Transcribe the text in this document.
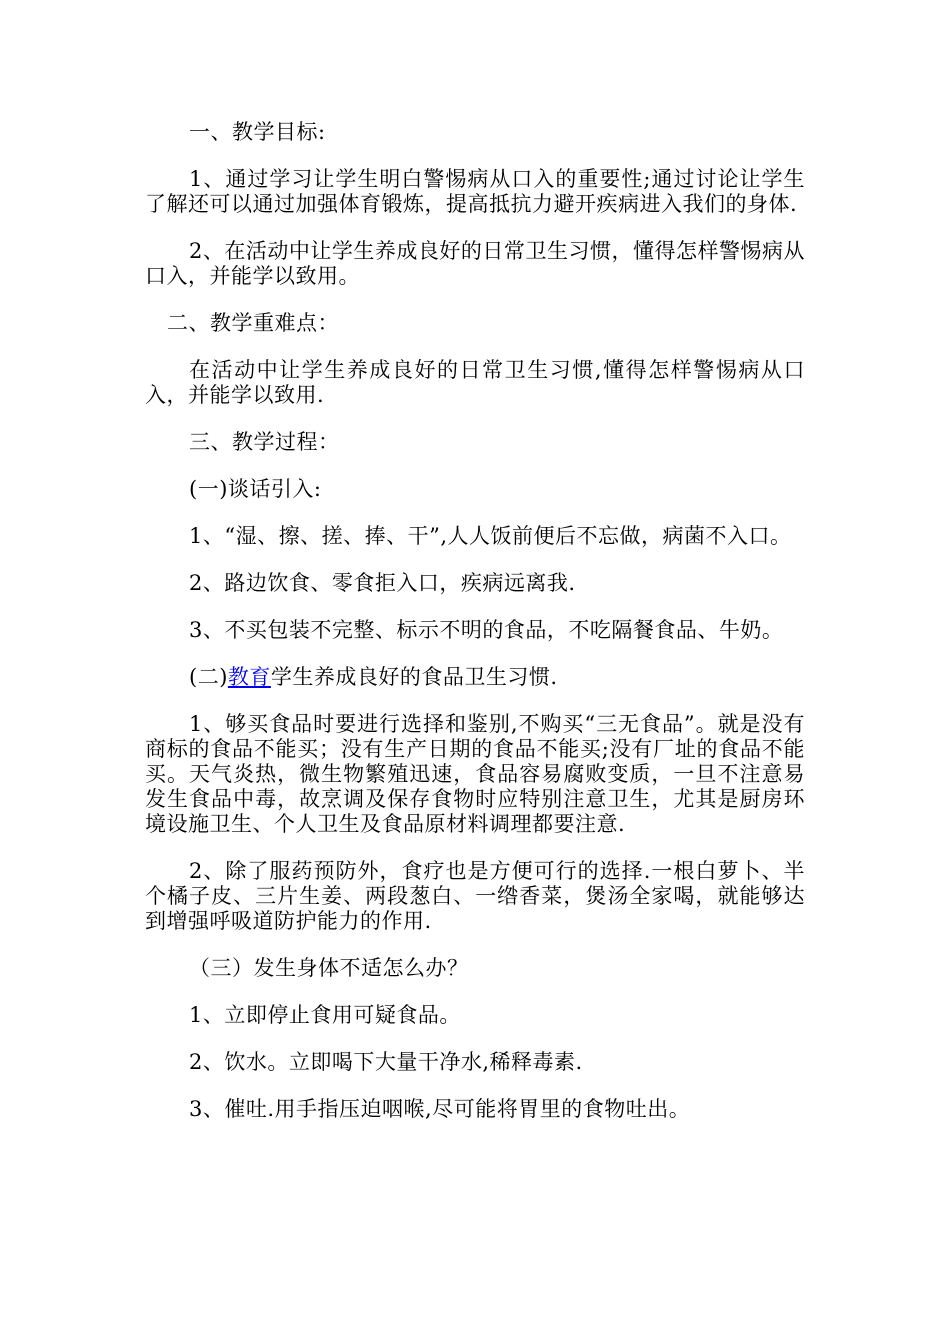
一、教学目标:

1、通过学习让学生明白警惕病从口入的重要性;通过讨论让学生了解还可以通过加强体育锻炼，提高抵抗力避开疾病进入我们的身体.

2、在活动中让学生养成良好的日常卫生习惯，懂得怎样警惕病从口入，并能学以致用。

二、教学重难点：

在活动中让学生养成良好的日常卫生习惯,懂得怎样警惕病从口入，并能学以致用.

三、教学过程：

(一)谈话引入:

1、“湿、擦、搓、捧、干”,人人饭前便后不忘做，病菌不入口。

2、路边饮食、零食拒入口，疾病远离我.

3、不买包装不完整、标示不明的食品，不吃隔餐食品、牛奶。

(二)教育学生养成良好的食品卫生习惯.

1、够买食品时要进行选择和鉴别,不购买“三无食品”。就是没有商标的食品不能买；没有生产日期的食品不能买;没有厂址的食品不能买。天气炎热，微生物繁殖迅速，食品容易腐败变质，一旦不注意易发生食品中毒，故烹调及保存食物时应特别注意卫生，尤其是厨房环境设施卫生、个人卫生及食品原材料调理都要注意.

2、除了服药预防外，食疗也是方便可行的选择.一根白萝卜、半个橘子皮、三片生姜、两段葱白、一绺香菜，煲汤全家喝，就能够达到增强呼吸道防护能力的作用.

（三）发生身体不适怎么办？

1、立即停止食用可疑食品。

2、饮水。立即喝下大量干净水,稀释毒素.

3、催吐.用手指压迫咽喉,尽可能将胃里的食物吐出。
